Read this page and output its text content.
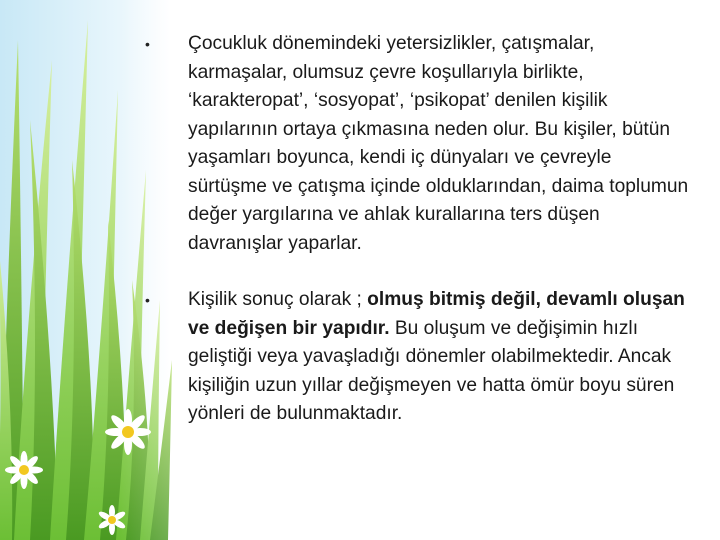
• Çocukluk dönemindeki yetersizlikler, çatışmalar, karmaşalar, olumsuz çevre koşullarıyla birlikte, ‘karakteropat’, ‘sosyopat’, ‘psikopat’ denilen kişilik yapılarının ortaya çıkmasına neden olur. Bu kişiler, bütün yaşamları boyunca, kendi iç dünyaları ve çevreyle sürtüşme ve çatışma içinde olduklarından, daima toplumun değer yargılarına ve ahlak kurallarına ters düşen davranışlar yaparlar.
• Kişilik sonuç olarak ; olmuş bitmiş değil, devamlı oluşan ve değişen bir yapıdır. Bu oluşum ve değişimin hızlı geliştiği veya yavaşladığı dönemler olabilmektedir. Ancak kişiliğin uzun yıllar değişmeyen ve hatta ömür boyu süren yönleri de bulunmaktadır.
